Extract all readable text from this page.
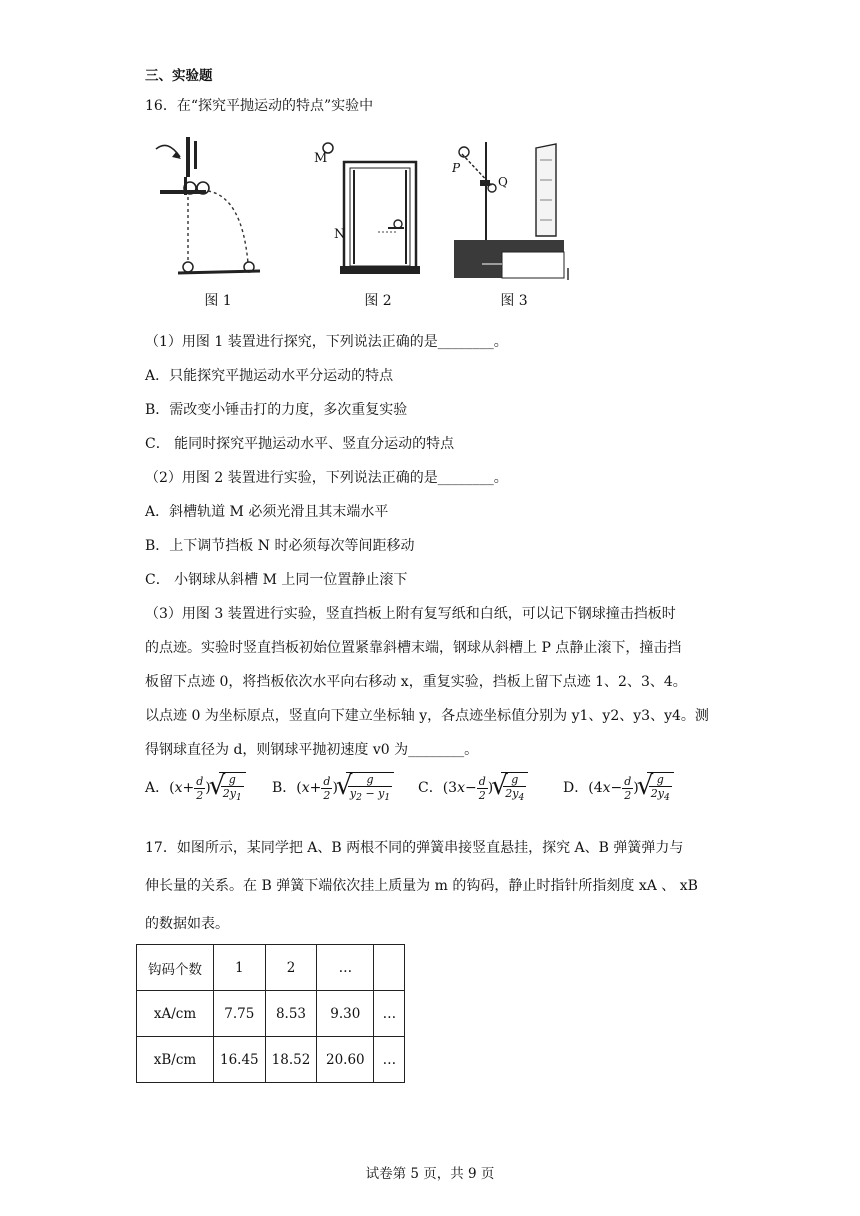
三、实验题
16．在“探究平抛运动的特点”实验中
图 1
M
N
图 2
P
Q
图 3
（1）用图 1 装置进行探究，下列说法正确的是________。
A．只能探究平抛运动水平分运动的特点
B．需改变小锤击打的力度，多次重复实验
C． 能同时探究平抛运动水平、竖直分运动的特点
（2）用图 2 装置进行实验，下列说法正确的是________。
A．斜槽轨道 M 必须光滑且其末端水平
B．上下调节挡板 N 时必须每次等间距移动
C． 小钢球从斜槽 M 上同一位置静止滚下
（3）用图 3 装置进行实验，竖直挡板上附有复写纸和白纸，可以记下钢球撞击挡板时
的点迹。实验时竖直挡板初始位置紧靠斜槽末端，钢球从斜槽上 P 点静止滚下，撞击挡
板留下点迹 0，将挡板依次水平向右移动 x，重复实验，挡板上留下点迹 1、2、3、4。
以点迹 0 为坐标原点，竖直向下建立坐标轴 y，各点迹坐标值分别为 y1、y2、y3、y4。测
得钢球直径为 d，则钢球平抛初速度 v0 为________。
A．($x+ \frac{d}{2}$ ) √ $\frac{g}{2y_1}$ B．($x+ \frac{d}{2}$ ) √ $\frac{g}{y_2 - y_1}$ C．($3x- \frac{d}{2}$ ) √ $\frac{g}{2y_4}$	D．($4x- \frac{d}{2}$ ) √ $\frac{g}{2y_4}$
17．如图所示，某同学把 A、B 两根不同的弹簧串接竖直悬挂，探究 A、B 弹簧弹力与
伸长量的关系。在 B 弹簧下端依次挂上质量为 m 的钩码，静止时指针所指刻度 xA 、 xB
的数据如表。
钩码个数	1	2	…	
xA/cm	7.75	8.53	9.30	…
xB/cm	16.45	18.52	20.60	…
试卷第 5 页，共 9 页
